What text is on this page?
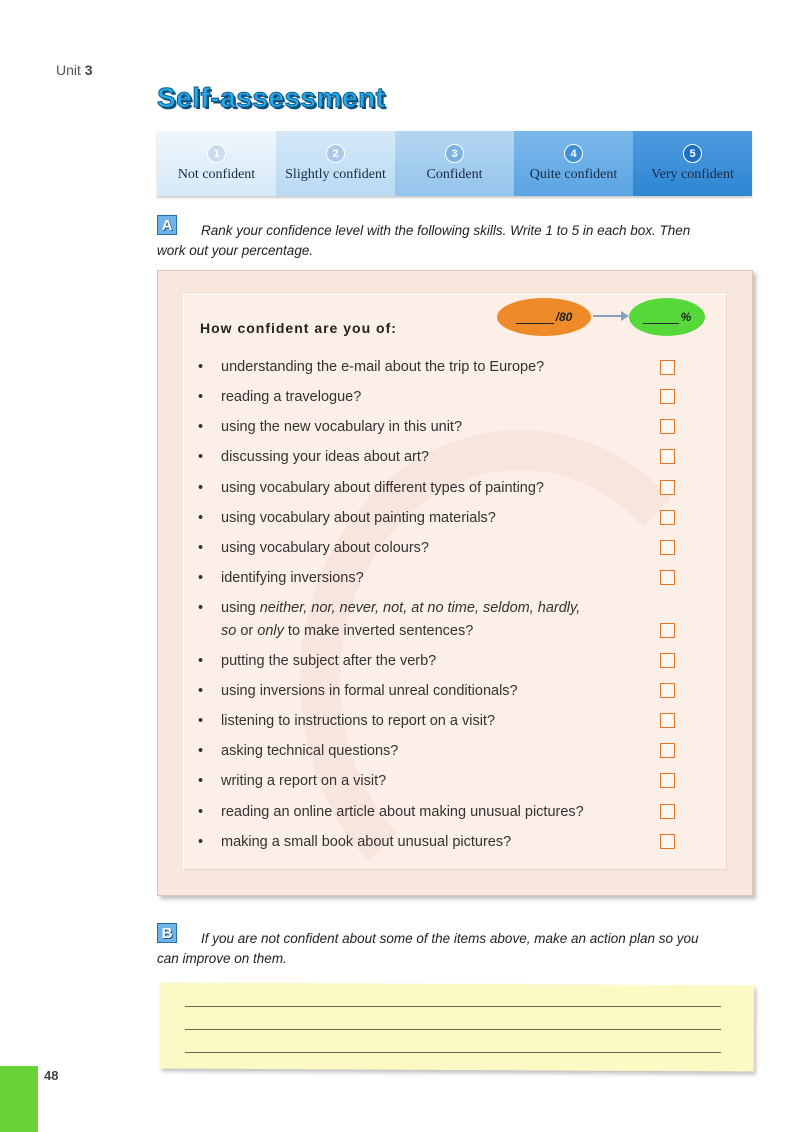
Unit 3
Self-assessment
1
Not confident
2
Slightly confident
3
Confident
4
Quite confident
5
Very confident
A	Rank your confidence level with the following skills. Write 1 to 5 in each box. Then
work out your percentage.
How confident are you of:
/80	%
• understanding the e-mail about the trip to Europe?
• reading a travelogue?
• using the new vocabulary in this unit?
• discussing your ideas about art?
• using vocabulary about different types of painting?
• using vocabulary about painting materials?
• using vocabulary about colours?
• identifying inversions?
• using neither, nor, never, not, at no time, seldom, hardly,
so or only to make inverted sentences?
• putting the subject after the verb?
• using inversions in formal unreal conditionals?
• listening to instructions to report on a visit?
• asking technical questions?
• writing a report on a visit?
• reading an online article about making unusual pictures?
• making a small book about unusual pictures?
B	If you are not confident about some of the items above, make an action plan so you
can improve on them.
48
